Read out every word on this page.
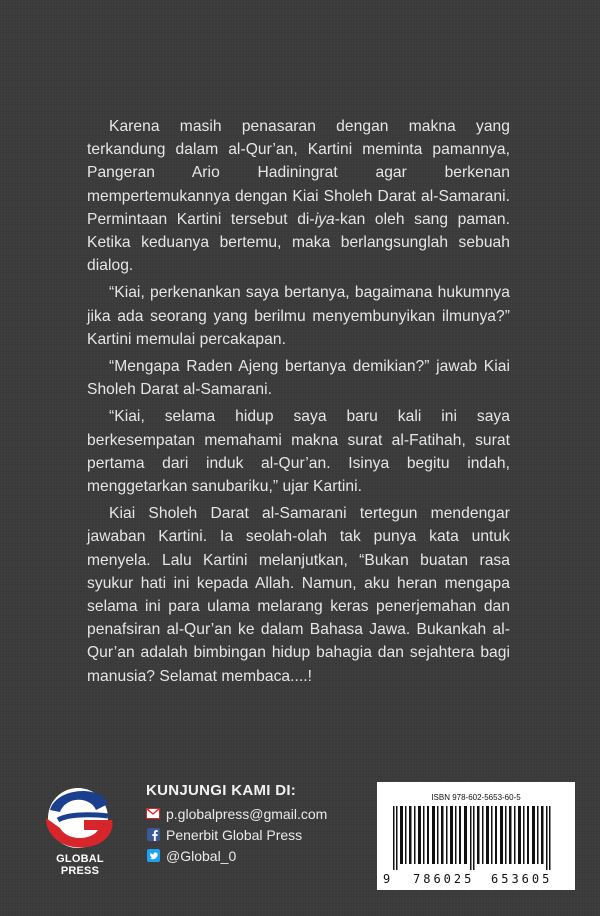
Karena masih penasaran dengan makna yang terkandung dalam al-Qur’an, Kartini meminta pamannya, Pangeran Ario Hadiningrat agar berkenan mempertemukannya dengan Kiai Sholeh Darat al-Samarani. Permintaan Kartini tersebut di-iya-kan oleh sang paman. Ketika keduanya bertemu, maka berlangsunglah sebuah dialog.

“Kiai, perkenankan saya bertanya, bagaimana hukumnya jika ada seorang yang berilmu menyembunyikan ilmunya?” Kartini memulai percakapan.

“Mengapa Raden Ajeng bertanya demikian?” jawab Kiai Sholeh Darat al-Samarani.

“Kiai, selama hidup saya baru kali ini saya berkesempatan memahami makna surat al-Fatihah, surat pertama dari induk al-Qur’an. Isinya begitu indah, menggetarkan sanubariku,” ujar Kartini.

Kiai Sholeh Darat al-Samarani tertegun mendengar jawaban Kartini. Ia seolah-olah tak punya kata untuk menyela. Lalu Kartini melanjutkan, “Bukan buatan rasa syukur hati ini kepada Allah. Namun, aku heran mengapa selama ini para ulama melarang keras penerjemahan dan penafsiran al-Qur’an ke dalam Bahasa Jawa. Bukankah al-Qur’an adalah bimbingan hidup bahagia dan sejahtera bagi manusia? Selamat membaca....!

GLOBAL PRESS
KUNJUNGI KAMI DI:
p.globalpress@gmail.com
Penerbit Global Press
@Global_0
ISBN 978-602-5653-60-5
9 786025 653605
